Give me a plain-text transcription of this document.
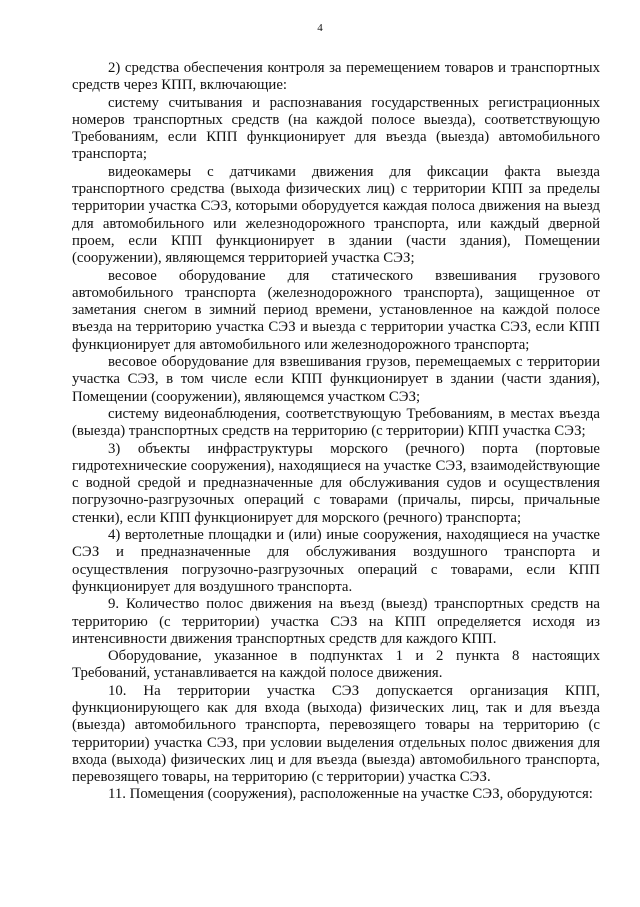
4

2) средства обеспечения контроля за перемещением товаров и транспортных средств через КПП, включающие:

систему считывания и распознавания государственных регистрационных номеров транспортных средств (на каждой полосе выезда), соответствующую Требованиям, если КПП функционирует для въезда (выезда) автомобильного транспорта;

видеокамеры с датчиками движения для фиксации факта выезда транспортного средства (выхода физических лиц) с территории КПП за пределы территории участка СЭЗ, которыми оборудуется каждая полоса движения на выезд для автомобильного или железнодорожного транспорта, или каждый дверной проем, если КПП функционирует в здании (части здания), Помещении (сооружении), являющемся территорией участка СЭЗ;

весовое оборудование для статического взвешивания грузового автомобильного транспорта (железнодорожного транспорта), защищенное от заметания снегом в зимний период времени, установленное на каждой полосе въезда на территорию участка СЭЗ и выезда с территории участка СЭЗ, если КПП функционирует для автомобильного или железнодорожного транспорта;

весовое оборудование для взвешивания грузов, перемещаемых с территории участка СЭЗ, в том числе если КПП функционирует в здании (части здания), Помещении (сооружении), являющемся участком СЭЗ;

систему видеонаблюдения, соответствующую Требованиям, в местах въезда (выезда) транспортных средств на территорию (с территории) КПП участка СЭЗ;

3) объекты инфраструктуры морского (речного) порта (портовые гидротехнические сооружения), находящиеся на участке СЭЗ, взаимодействующие с водной средой и предназначенные для обслуживания судов и осуществления погрузочно-разгрузочных операций с товарами (причалы, пирсы, причальные стенки), если КПП функционирует для морского (речного) транспорта;

4) вертолетные площадки и (или) иные сооружения, находящиеся на участке СЭЗ и предназначенные для обслуживания воздушного транспорта и осуществления погрузочно-разгрузочных операций с товарами, если КПП функционирует для воздушного транспорта.

9. Количество полос движения на въезд (выезд) транспортных средств на территорию (с территории) участка СЭЗ на КПП определяется исходя из интенсивности движения транспортных средств для каждого КПП.

Оборудование, указанное в подпунктах 1 и 2 пункта 8 настоящих Требований, устанавливается на каждой полосе движения.

10. На территории участка СЭЗ допускается организация КПП, функционирующего как для входа (выхода) физических лиц, так и для въезда (выезда) автомобильного транспорта, перевозящего товары на территорию (с территории) участка СЭЗ, при условии выделения отдельных полос движения для входа (выхода) физических лиц и для въезда (выезда) автомобильного транспорта, перевозящего товары, на территорию (с территории) участка СЭЗ.

11. Помещения (сооружения), расположенные на участке СЭЗ, оборудуются:
